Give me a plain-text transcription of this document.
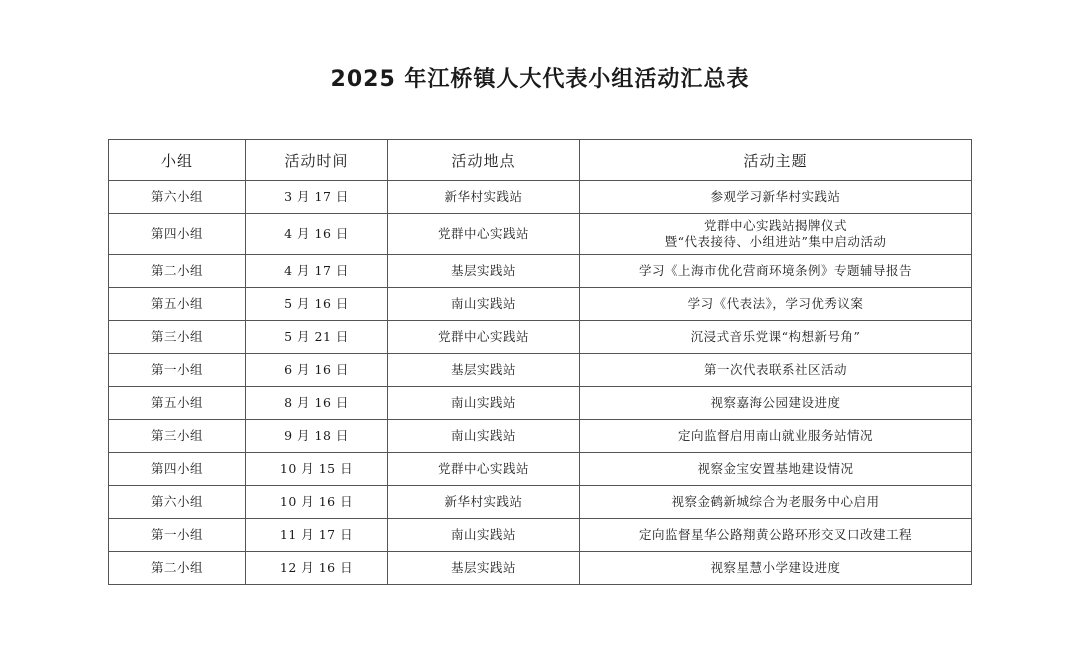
2025 年江桥镇人大代表小组活动汇总表
小组	活动时间	活动地点	活动主题
第六小组	3 月 17 日	新华村实践站	参观学习新华村实践站
第四小组	4 月 16 日	党群中心实践站	党群中心实践站揭牌仪式
暨“代表接待、小组进站”集中启动活动

第二小组	4 月 17 日	基层实践站	学习《上海市优化营商环境条例》专题辅导报告
第五小组	5 月 16 日	南山实践站	学习《代表法》，学习优秀议案
第三小组	5 月 21 日	党群中心实践站	沉浸式音乐党课“构想新号角”
第一小组	6 月 16 日	基层实践站	第一次代表联系社区活动
第五小组	8 月 16 日	南山实践站	视察嘉海公园建设进度
第三小组	9 月 18 日	南山实践站	定向监督启用南山就业服务站情况
第四小组	10 月 15 日	党群中心实践站	视察金宝安置基地建设情况
第六小组	10 月 16 日	新华村实践站	视察金鹤新城综合为老服务中心启用
第一小组	11 月 17 日	南山实践站	定向监督星华公路翔黄公路环形交叉口改建工程
第二小组	12 月 16 日	基层实践站	视察星慧小学建设进度
